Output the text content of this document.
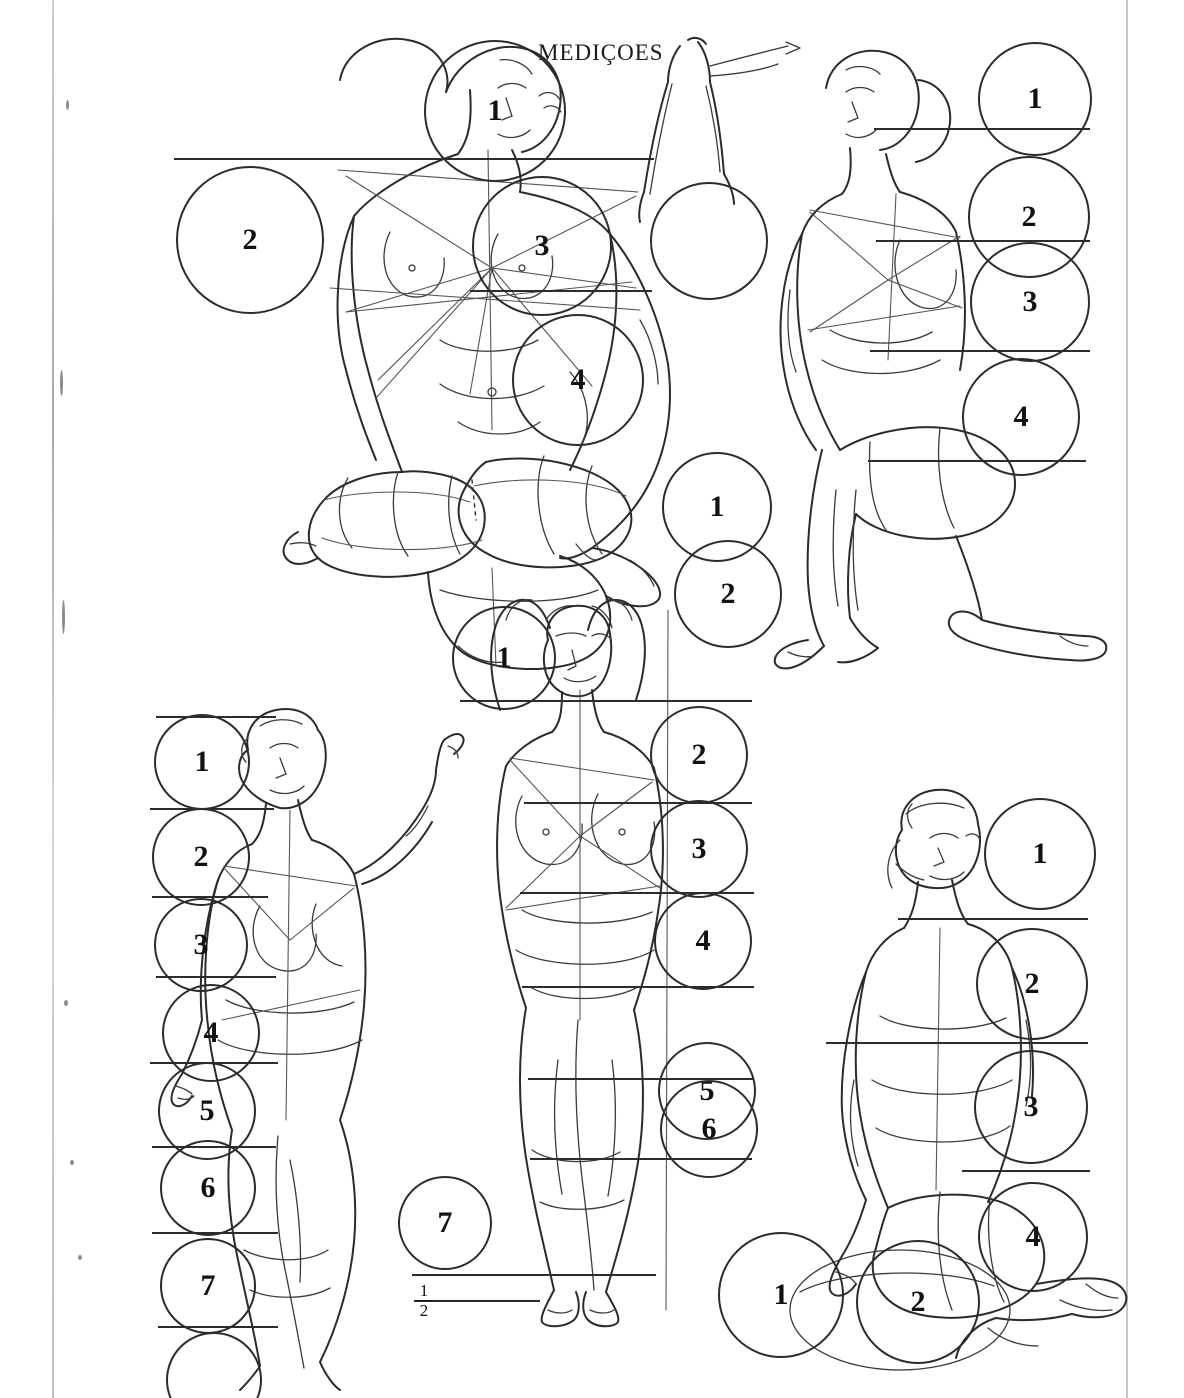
MEDIÇOES
1
2	3
4
1
2
3
4
1
2
1
2
3
4
5
6
7
1
2
3
4
5
6
7
1
2
1
2
3
4
1	2
